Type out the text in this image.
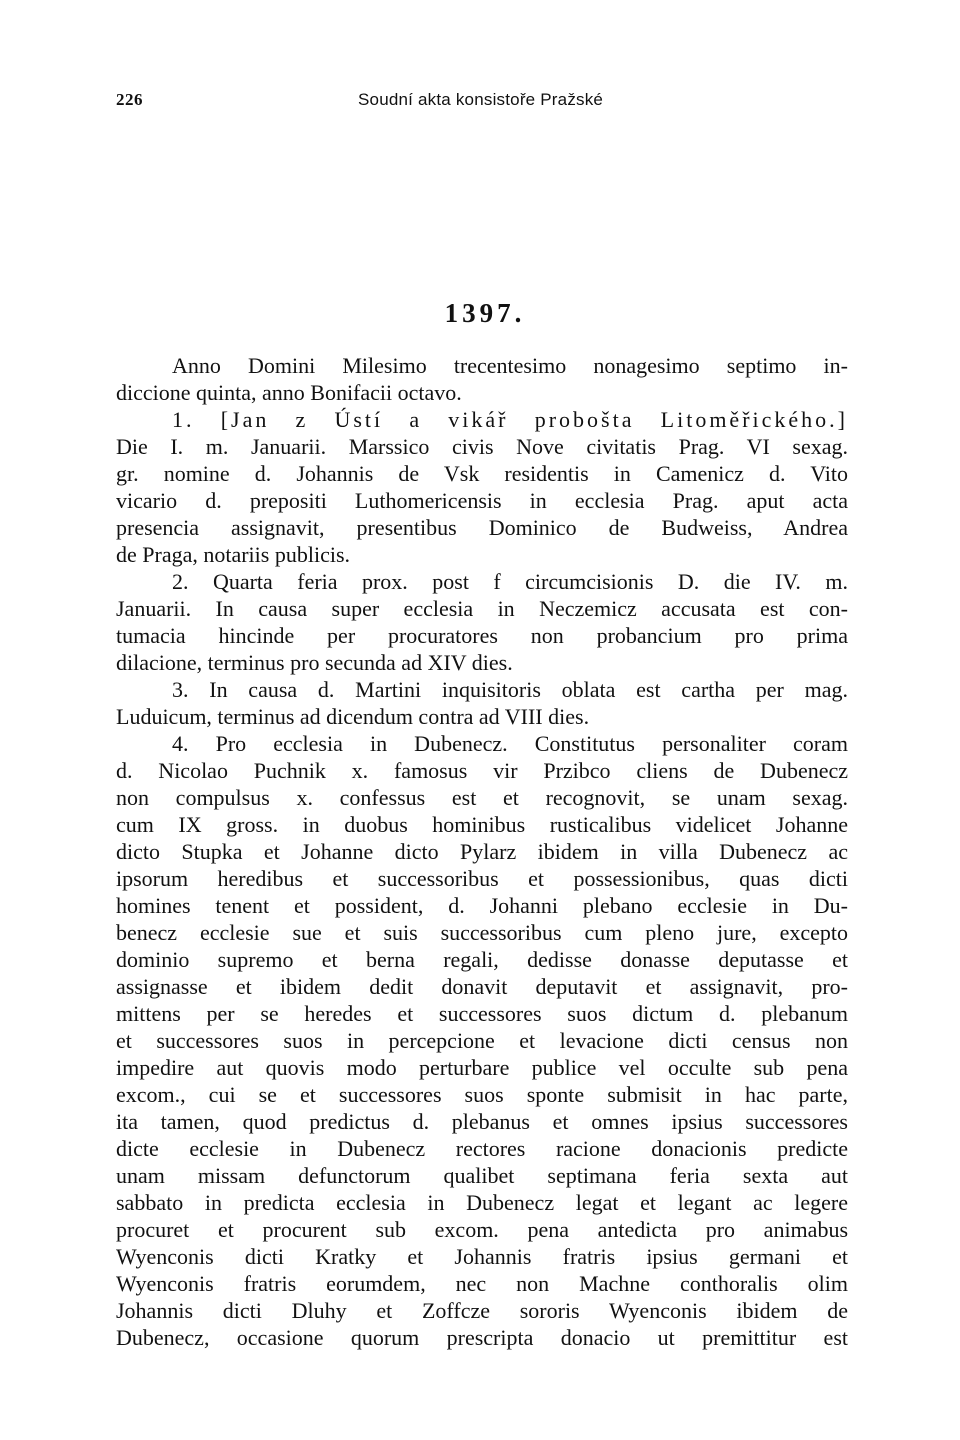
226	Soudní akta konsistoře Pražské
1397.
Anno Domini Milesimo trecentesimo nonagesimo septimo in-
diccione quinta, anno Bonifacii octavo.
1. [Jan z Ústí a vikář probošta Litoměřického.]
Die I. m. Januarii. Marssico civis Nove civitatis Prag. VI sexag.
gr. nomine d. Johannis de Vsk residentis in Camenicz d. Vito
vicario d. prepositi Luthomericensis in ecclesia Prag. aput acta
presencia assignavit, presentibus Dominico de Budweiss, Andrea
de Praga, notariis publicis.
2. Quarta feria prox. post f circumcisionis D. die IV. m.
Januarii. In causa super ecclesia in Neczemicz accusata est con-
tumacia hincinde per procuratores non probancium pro prima
dilacione, terminus pro secunda ad XIV dies.
3. In causa d. Martini inquisitoris oblata est cartha per mag.
Luduicum, terminus ad dicendum contra ad VIII dies.
4. Pro ecclesia in Dubenecz. Constitutus personaliter coram
d. Nicolao Puchnik x. famosus vir Przibco cliens de Dubenecz
non compulsus x. confessus est et recognovit, se unam sexag.
cum IX gross. in duobus hominibus rusticalibus videlicet Johanne
dicto Stupka et Johanne dicto Pylarz ibidem in villa Dubenecz ac
ipsorum heredibus et successoribus et possessionibus, quas dicti
homines tenent et possident, d. Johanni plebano ecclesie in Du-
benecz ecclesie sue et suis successoribus cum pleno jure, excepto
dominio supremo et berna regali, dedisse donasse deputasse et
assignasse et ibidem dedit donavit deputavit et assignavit, pro-
mittens per se heredes et successores suos dictum d. plebanum
et successores suos in percepcione et levacione dicti census non
impedire aut quovis modo perturbare publice vel occulte sub pena
excom., cui se et successores suos sponte submisit in hac parte,
ita tamen, quod predictus d. plebanus et omnes ipsius successores
dicte ecclesie in Dubenecz rectores racione donacionis predicte
unam missam defunctorum qualibet septimana feria sexta aut
sabbato in predicta ecclesia in Dubenecz legat et legant ac legere
procuret et procurent sub excom. pena antedicta pro animabus
Wyenconis dicti Kratky et Johannis fratris ipsius germani et
Wyenconis fratris eorumdem, nec non Machne conthoralis olim
Johannis dicti Dluhy et Zoffcze sororis Wyenconis ibidem de
Dubenecz, occasione quorum prescripta donacio ut premittitur est
